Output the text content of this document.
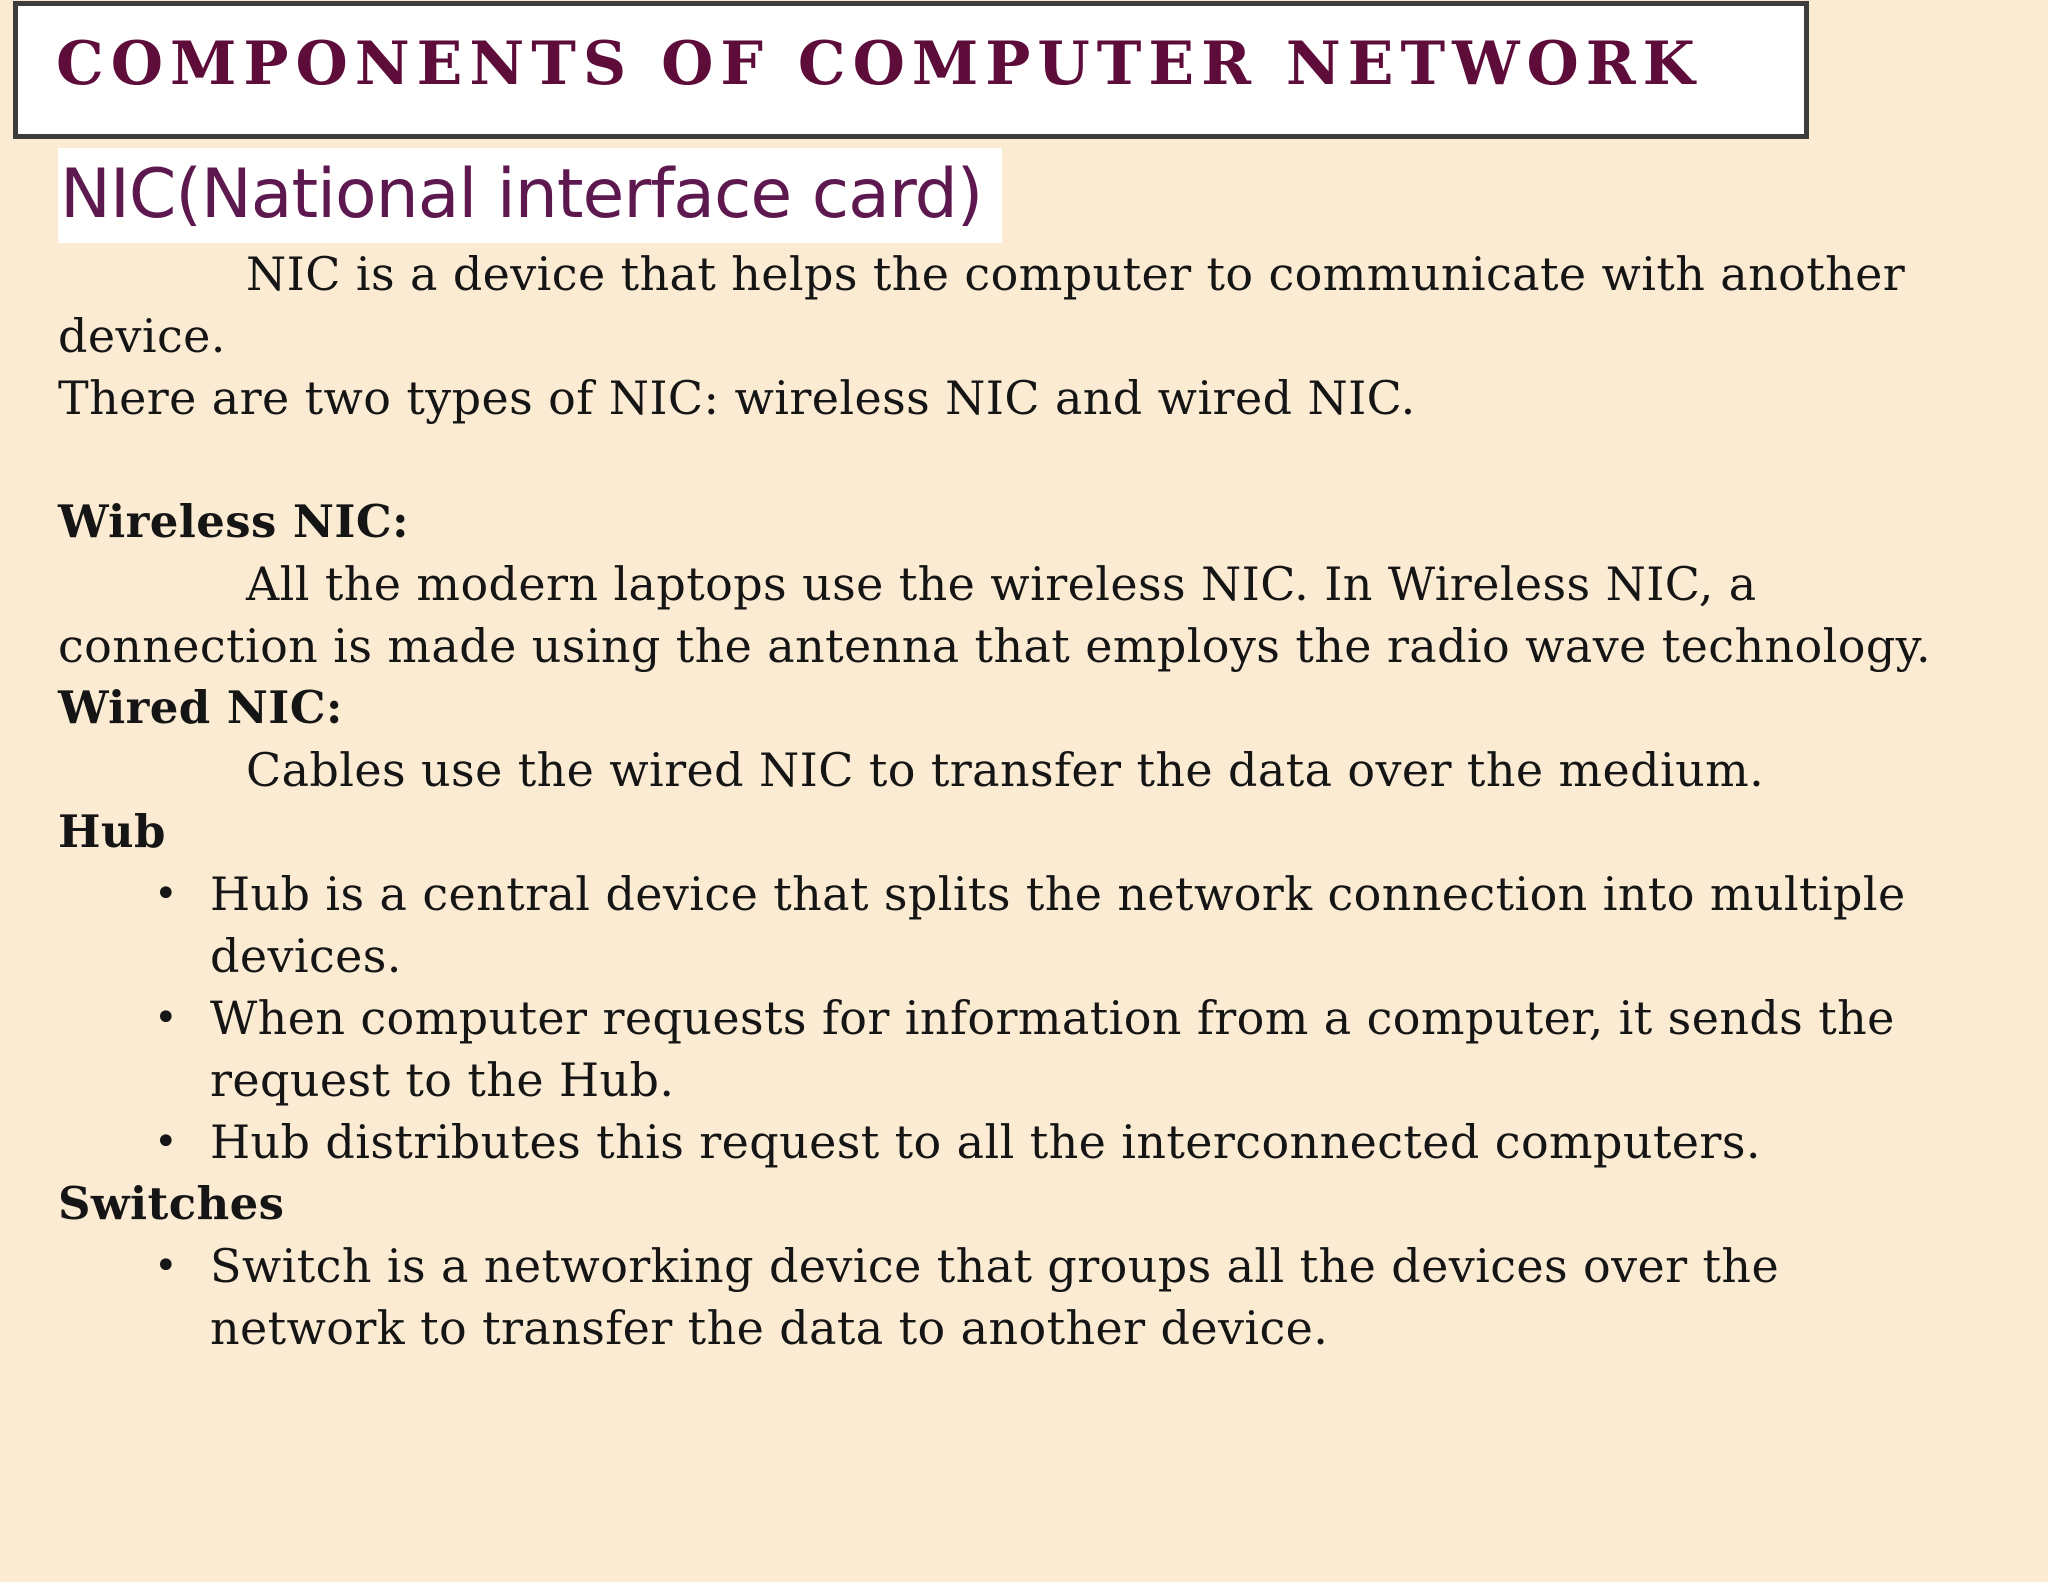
COMPONENTS OF COMPUTER NETWORK
NIC(National interface card)

NIC is a device that helps the computer to communicate with another device.

There are two types of NIC: wireless NIC and wired NIC.

Wireless NIC:

All the modern laptops use the wireless NIC. In Wireless NIC, a connection is made using the antenna that employs the radio wave technology.

Wired NIC:

Cables use the wired NIC to transfer the data over the medium.

Hub

• Hub is a central device that splits the network connection into multiple devices.
• When computer requests for information from a computer, it sends the request to the Hub.
• Hub distributes this request to all the interconnected computers.

Switches

• Switch is a networking device that groups all the devices over the network to transfer the data to another device.
